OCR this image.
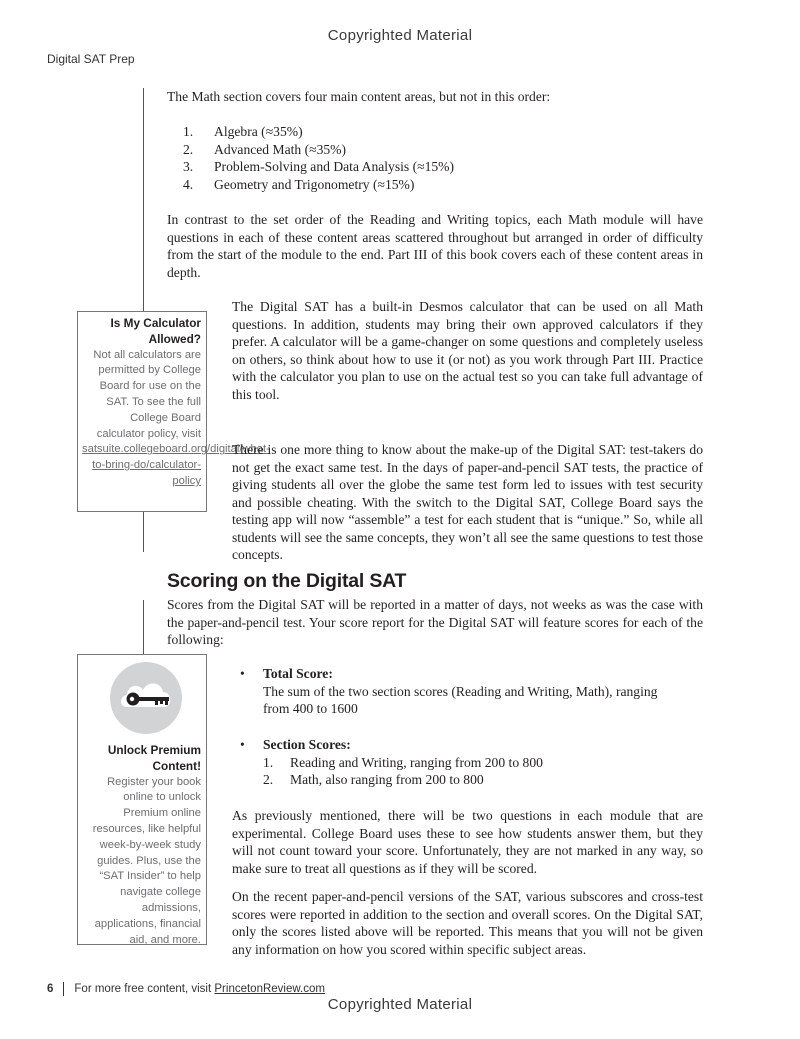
Copyrighted Material
Digital SAT Prep

The Math section covers four main content areas, but not in this order:

1.	Algebra (≈35%)
2.	Advanced Math (≈35%)
3.	Problem-Solving and Data Analysis (≈15%)
4.	Geometry and Trigonometry (≈15%)

In contrast to the set order of the Reading and Writing topics, each Math module will have questions in each of these content areas scattered throughout but arranged in order of difficulty from the start of the module to the end. Part III of this book covers each of these content areas in depth.

Is My Calculator Allowed?
Not all calculators are permitted by College Board for use on the SAT. To see the full College Board calculator policy, visit satsuite.collegeboard.org/digital/what-to-bring-do/calculator-policy

The Digital SAT has a built-in Desmos calculator that can be used on all Math questions. In addition, students may bring their own approved calculators if they prefer. A calculator will be a game-changer on some questions and completely useless on others, so think about how to use it (or not) as you work through Part III. Practice with the calculator you plan to use on the actual test so you can take full advantage of this tool.

There is one more thing to know about the make-up of the Digital SAT: test-takers do not get the exact same test. In the days of paper-and-pencil SAT tests, the practice of giving students all over the globe the same test form led to issues with test security and possible cheating. With the switch to the Digital SAT, College Board says the testing app will now “assemble” a test for each student that is “unique.” So, while all students will see the same concepts, they won’t all see the same questions to test those concepts.

Scoring on the Digital SAT

Scores from the Digital SAT will be reported in a matter of days, not weeks as was the case with the paper-and-pencil test. Your score report for the Digital SAT will feature scores for each of the following:

Unlock Premium Content!
Register your book online to unlock Premium online resources, like helpful week-by-week study guides. Plus, use the “SAT Insider” to help navigate college admissions, applications, financial aid, and more.
•	Total Score:
The sum of the two section scores (Reading and Writing, Math), ranging from 400 to 1600
•	Section Scores:
1.	Reading and Writing, ranging from 200 to 800
2.	Math, also ranging from 200 to 800

As previously mentioned, there will be two questions in each module that are experimental. College Board uses these to see how students answer them, but they will not count toward your score. Unfortunately, they are not marked in any way, so make sure to treat all questions as if they will be scored.

On the recent paper-and-pencil versions of the SAT, various subscores and cross-test scores were reported in addition to the section and overall scores. On the Digital SAT, only the scores listed above will be reported. This means that you will not be given any information on how you scored within specific subject areas.

6 For more free content, visit
PrincetonReview.com
Copyrighted Material
